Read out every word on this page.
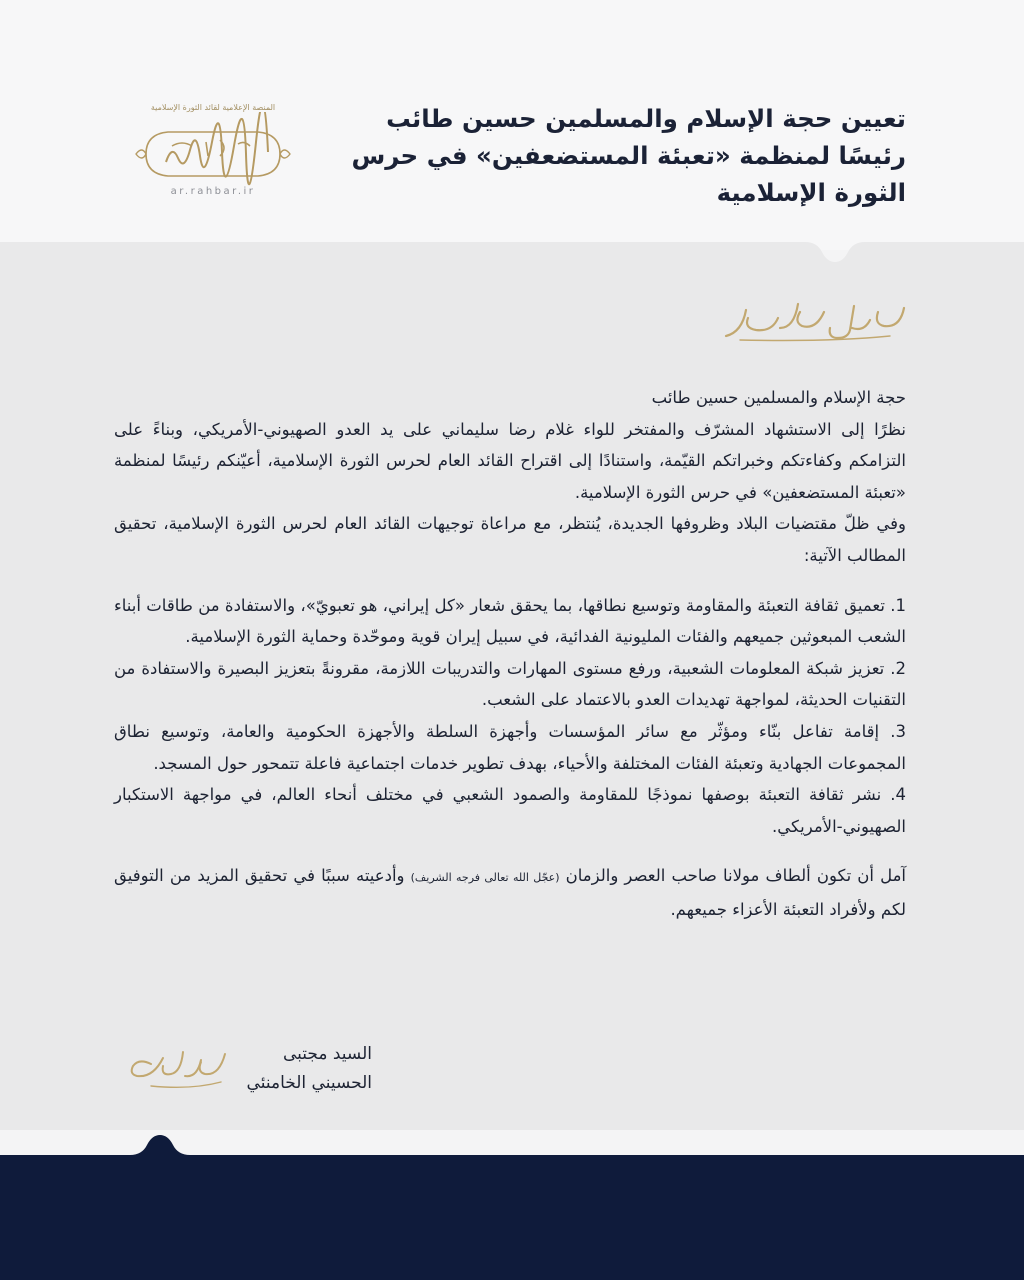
تعيين حجة الإسلام والمسلمين حسين طائب رئيسًا لمنظمة «تعبئة المستضعفين» في حرس الثورة الإسلامية
المنصة الإعلامية لقائد الثورة الإسلامية
ar.rahbar.ir

حجة الإسلام والمسلمين حسين طائب

نظرًا إلى الاستشهاد المشرّف والمفتخر للواء غلام رضا سليماني على يد العدو الصهيوني-الأمريكي، وبناءً على التزامكم وكفاءتكم وخبراتكم القيّمة، واستنادًا إلى اقتراح القائد العام لحرس الثورة الإسلامية، أعيّنكم رئيسًا لمنظمة «تعبئة المستضعفين» في حرس الثورة الإسلامية.

وفي ظلّ مقتضيات البلاد وظروفها الجديدة، يُنتظر، مع مراعاة توجيهات القائد العام لحرس الثورة الإسلامية، تحقيق المطالب الآتية:

1. تعميق ثقافة التعبئة والمقاومة وتوسيع نطاقها، بما يحقق شعار «كل إيراني، هو تعبويّ»، والاستفادة من طاقات أبناء الشعب المبعوثين جميعهم والفئات المليونية الفدائية، في سبيل إيران قوية وموحّدة وحماية الثورة الإسلامية.

2. تعزيز شبكة المعلومات الشعبية، ورفع مستوى المهارات والتدريبات اللازمة، مقرونةً بتعزيز البصيرة والاستفادة من التقنيات الحديثة، لمواجهة تهديدات العدو بالاعتماد على الشعب.

3. إقامة تفاعل بنّاء ومؤثّر مع سائر المؤسسات وأجهزة السلطة والأجهزة الحكومية والعامة، وتوسيع نطاق المجموعات الجهادية وتعبئة الفئات المختلفة والأحياء، بهدف تطوير خدمات اجتماعية فاعلة تتمحور حول المسجد.

4. نشر ثقافة التعبئة بوصفها نموذجًا للمقاومة والصمود الشعبي في مختلف أنحاء العالم، في مواجهة الاستكبار الصهيوني-الأمريكي.

آمل أن تكون ألطاف مولانا صاحب العصر والزمان (عجّل الله تعالى فرجه الشريف) وأدعيته سببًا في تحقيق المزيد من التوفيق لكم ولأفراد التعبئة الأعزاء جميعهم.

السيد مجتبى
الحسيني الخامنئي
